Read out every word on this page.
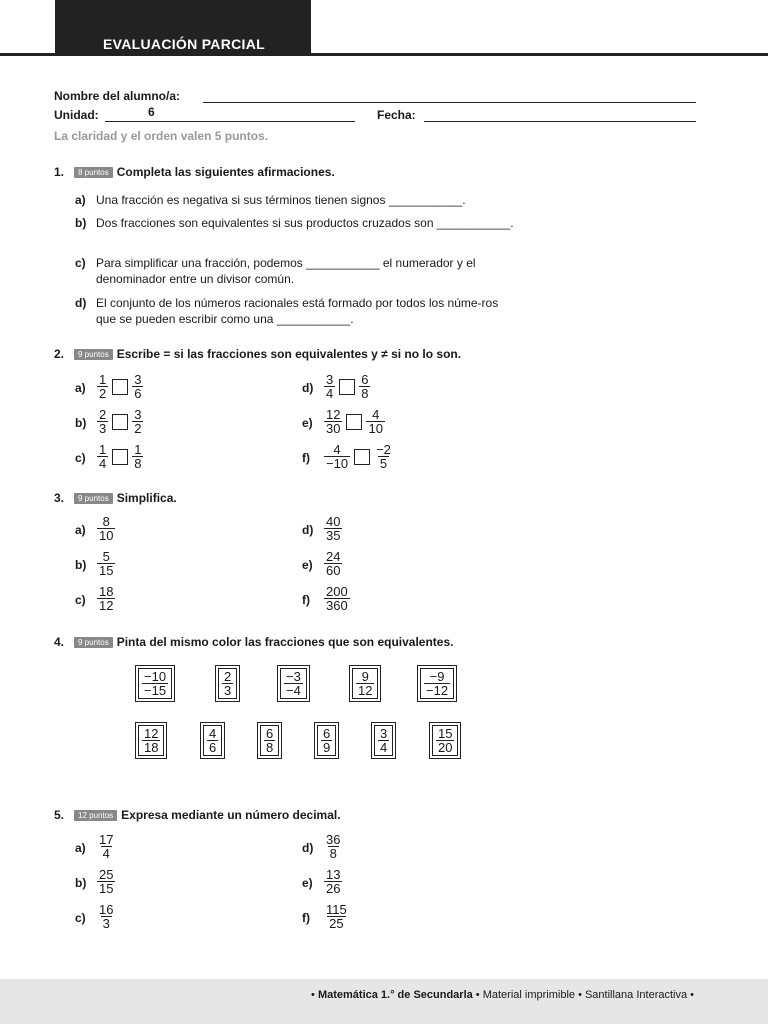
EVALUACIÓN PARCIAL
Nombre del alumno/a:
Unidad:	6	Fecha:
La claridad y el orden valen 5 puntos.
1. 8 puntos Completa las siguientes afirmaciones.
a) Una fracción es negativa si sus términos tienen signos ___________.
b) Dos fracciones son equivalentes si sus productos cruzados son ___________.
c) Para simplificar una fracción, podemos ___________ el numerador y el denominador entre un divisor común.
d) El conjunto de los números racionales está formado por todos los núme-ros que se pueden escribir como una ___________.
2. 9 puntos Escribe = si las fracciones son equivalentes y ≠ si no lo son.
$a) \frac{1}{2} \frac{3}{6}$
$b) \frac{2}{3} \frac{3}{2}$
$c) \frac{1}{4} \frac{1}{8}$
$d) \frac{3}{4} \frac{6}{8}$
$e) \frac{12}{30} \frac{4}{10}$
$f) \frac{4}{-10} \frac{-2}{5}$
3. 9 puntos Simplifica.
$a) \frac{8}{10}$
$b) \frac{5}{15}$
$c) \frac{18}{12}$
$d) \frac{40}{35}$
$e) \frac{24}{60}$
$f) \frac{200}{360}$
4. 9 puntos Pinta del mismo color las fracciones que son equivalentes.
$\frac{-10}{-15}$	$\frac{2}{3}$	$\frac{-3}{-4}$	$\frac{9}{12}$	$\frac{-9}{-12}$
$\frac{12}{18}$	$\frac{4}{6}$	$\frac{6}{8}$	$\frac{6}{9}$	$\frac{3}{4}$	$\frac{15}{20}$
5. 12 puntos Expresa mediante un número decimal.
$a) \frac{17}{4}$
$b) \frac{25}{15}$
$c) \frac{16}{3}$
$d) \frac{36}{8}$
$e) \frac{13}{26}$
$f) \frac{115}{25}$
• Matemática 1.° de Secundarla • Material imprimible • Santillana Interactiva •
